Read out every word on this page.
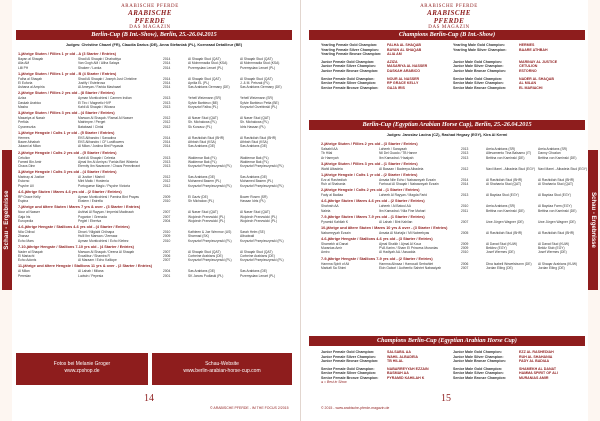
Schau - Ergebnisse
ARABISCHE PFERDE
ARABISCHE PFERDE
DAS MAGAZIN
Berlin-Cup (B Int.-Show), Berlin, 25.-26.04.2015
Judges: Christine Chazel (FR), Claudia Darius (DE), Anna Stefaniak (PL), Koenraad Detailleur (BE)
1-jährige Stuten / Fillies 1 yr old - A (3 Starter / Entries)
Bayan al Shaqab	Shadi Al Shaqab / Dhahabiya	2014	Al Shaqab Stud (QAT)	Al Shaqab Stud (QAT)
Alia AM	Van Gogh AM / Aliha Salaya	2014	Al Mohmmadia Stud (KSA)	Al Mohmmadia Stud (KSA)
Lilli PH	Shakerr / Lanka	2014	Przemyslaw Lenart (PL)	Przemyslaw Lenart (PL)
1-jährige Stuten / Fillies 1 yr old - B (4 Starter / Entries)
Falha al Shaqab	Shadi Al Shaqab / Joseph Just Christine	2014	Al Shaqab Stud (QAT)	Al Shaqab Stud (QAT)
El Euforia	Justify / Estebrosa	2014	Aprilia EL (PL)	J. & M. Petrzak (PL)
Ashana al Ampiria	Al Ameyan / Farida Mashaael	2014	Sas Arabians Germany (DE)	Sas Arabians Germany (DE)
2-jährige Stuten / Fillies 2 yrs old - (8 Starter / Entries)
Aziza	Ayman Monticchiesi / Carmen Indian	2013	Yehell Weizmann (SR)	Yehell Weizmann (SR)
Daskah Arabico	El Tiro / Magnetic HVP	2013	Sylvie Barbieux (BE)	Sylvie Barbieux Petta (BE)
Masha	Kahil Al Shaqab / Wiosna	2013	Krzysztof Falba (PL)	Krzysztof Grzebinski (PL)
3-jährige Stuten / Fillies 3 yrs old - (4 Starter / Entries)
Masariya al Nassir	Marwan Al Shaqab / Ramal Al Nasser	2012	Al Naser Stud (QAT)	Al Naser Stud (QAT)
Perfida	Matrimpre / Perget	2012	Sh. Michalowa (PL)	Sh. Michalowa (PL)
Cyraneczka	Batabaad / Cintal	2012	Sk Kurzacz (PL)	Idris Hassan (PL)
1-jährige Hengste / Colts 1 yr old - (5 Starter / Entries)
Hermes	EKS Alihandro / Sanadina	2014	Al Rashidiah Stud (BHR)	Al Rashidiah Stud (BHR)
Baare Athabah	EKS Alihandro / CF Lustflowers	2014	Athbah Stud (KSA)	Athbah Stud (KSA)
Julaani al Milan	Al Milan / Justina Bint Poyasda	2014	Sas Arabians (DE)	Sas Arabians (DE)
2-jährige Hengste / Colts 2 yrs old - (5 Starter / Entries)
Cetulion	Kahil Al Shaqab / Celesta	2013	Waldemar Bak (PL)	Waldemar Bak (PL)
Famed Bin Amir	Ajmal Ibn Al Amirya / Farida Bint Wisteria	2013	Waldemar Bak (PL)	Waldemar Bak (PL)
Chaos Dinn	Eternity Ibn Navarone / Chaos Perevibrant	2013	Krzysztof Przepieczynski (PL)	Krzysztof Przepieczynski (PL)
3-jährige Hengste / Colts 3 yrs old - (4 Starter / Entries)
Marinay al Justice	Al Justice / Marinil	2012	Sas Arabians (DE)	Sas Arabians (DE)
Estorno	Mint Matic / Hostenia	2012	Mohamed Basem (PL)	Mohamed Basem (PL)
Psyche Ull	Portuguese Magic / Psyche Victoria	2012	Krzysztof Przepieczynski (PL)	Krzysztof Przepieczynski (PL)
4-6-jährige Stuten / Mares 4-6 yrs old - (2 Starter / Entries)
RP Grace Kelly	Ayman Monticchiesi / Pamina Bint Prayas	2009	El Gaziv (DE)	Bower Rosen (SR)
Espina	Ekstem / Estrella	2010	Sh Michalow (PL)	Hassan Idris (PL)
7-jährige und ältere Stuten / Mares 7 yrs & over - (3 Starter / Entries)
Nour al Nasser	Ashhal Al Rayyan / Imperial Madinaah	2007	Al Naser Stud (QAT)	Al Naser Stud (QAT)
Gaja Iris	Pogarion / Grenada	2007	Wojciech Przezwicki (PL)	Wojciech Przezwicki (PL)
Europedia	Pegiel / Eberiva	2004	Wojciech Przezwicki (PL)	Wojciech Przezwicki (PL)
4-6-jährige Hengste / Stallions 4-6 yrs old - (4 Starter / Entries)
Nila Chilval	Dinari / Nilgiabi Chilnapa	2010	Kathleen & Joe Wenmor (US)	Sarah Helm (SE)
Zhanaz	Hulli Ibn Marwan / Zeeraaz	2009	Sharmad (SK)	Albudwali
Echo Mars	Ayman Monticchiesi / Echo Klebez	2010	Krzysztof Przepieczynski (PL)	Krzysztof Przepieczynski (PL)
7-10-jährige Hengste / Stallions 7-10 yrs old - (4 Starter / Entries)
Nader al Shaqab	Marwan Al Shaqab / Deena Al Shaqab	2007	Al Shaqab Stud (QAT)	Al Shaqab Stud (QAT)
El Mariachi	Excalibur / Shamira R	2006	Corbeine Arabians (DE)	Corbeine Arabians (DE)
Echo Adonis	Al Maraam / Echo Kalliope	2007	Krzysztof Przepieczynski (PL)	Krzysztof Przepieczynski (PL)
11-jährige und ältere Hengste / Stallions 11 yrs & over - (2 Starter / Entries)
Al Milan	Al Lahab / Milana	2004	Sas Arabians (DE)	Sas Arabians (DE)
Pereslav	Ludwin / Pepesia	2001	SK Janow Podlaski (PL)	Przemyslaw Lenart (PL)
Fotos bei Melanie Groger
www.zpshop.de
Schau-Website
www.berlin-arabian-horse-cup.com
14
© ARABISCHE PFERDE - IM THE FOCUS 2/2015
Schau - Ergebnisse
ARABISCHE PFERDE
ARABISCHE PFERDE
DAS MAGAZIN
Champions Berlin-Cup (B Int.-Show)
Yearling Female Gold Champion:	FALHA AL SHAQAB	Yearling Male Gold Champion:	HERMES
Yearling Female Silver Champion:	BAYAN AL SHAQAB	Yearling Male Silver Champion:	BAARE ATHBAH
Yearling Female Bronze Champion:	ALIA AM
Junior Female Gold Champion:	AZIZA	Junior Male Gold Champion:	MARINAY AL JUSTICE
Junior Female Silver Champion:	MASARIYA AL NASSER	Junior Male Silver Champion:	CETULION
Junior Female Bronze Champion:	DASKAH ARABICO	Junior Male Bronze Champion:	ESTORNO
Senior Female Gold Champion:	NOUR AL NASSER	Senior Male Gold Champion:	NADER AL SHAQAB
Senior Female Silver Champion:	RP GRACE KELLY	Senior Male Silver Champion:	AL MILAN
Senior Female Bronze Champion:	GAJA IRIS	Senior Male Bronze Champion:	EL MARIACHI
Berlin-Cup (Egyptian Arabian Horse Cup), Berlin, 25.-26.04.2015
Judges: Jaroslav Lacina (CZ), Rashad Hegazy (EGY), Kira Al Kermi
2-jährige Stuten / Fillies 2 yrs old - (3 Starter / Entries)
Salsabil AA	Laheeb / Sarayaah	2013	Areia Arabians (SR)	Areia Arabians (SR)
Tb Hilal	Nil Del Guado / TB Hanne	2013	Allevamento Tina Balsamo (IT)	Danny Ghozlan
Ar Hamryah	Ibn Kamadrai / Haalyah	2013	Bettina von Kaminski (DE)	Bettina von Kaminski (DE)
3-jährige Stuten / Fillies 3 yrs old - (1 Starter / Entries)
Wahil Albadeia	Al Basaan / Badeeya Albadeia	2012	Navi Marei - Albadeia Stud (EGY) Navi Marei - Albadeia Stud (EGY)
1-jährige Hengste / Colts 1 yr old - (2 Starter / Entries)
Ezz al Rashediah	Ansata Nile Echo / Nabawwyah Ezzain	2014	Al Rashidiah Stud (BHR)	Al Rashidiah Stud (BHR)
Ruh al Shahania	Farhoud Al Shaqab / Nabawwyah Ezzain	2014	Al Shahania Stud (QAT)	Al Shahania Stud (QAT)
2-jährige Hengste / Colts 2 yrs old - (1 Starter / Entries)
Fady al Badiaa	Laheeb Al Rayyan / Magda Farid	2013	Al Baydaa Stud (EGY)	Al Baydaa Stud (EGY)
4-6-jährige Stuten / Mares 4-6 yrs old - (2 Starter / Entries)
Shahrah AA	Laheeb / Al Batoul AA	2010	Areia Arabians (SR)	Al Baydaa Farm (EGY)
Naleia	Ibn Kamadrai / Nila Fine Mahari	2011	Bettina von Kaminski (DE)	Bettina von Kaminski (DE)
7-9-jährige Stuten / Mares 7-9 yrs old - (1 Starter / Entries)
Pyramid Kahilah K	Al Lahab / Bint Kahilan	2007	Uwe Jürgen Wagner (DE)	Uwe Jürgen Wagner (DE)
10-jährige und ältere Stuten / Mares 10 yrs & over - (3 Starter / Entries)
Nabarreyyah Ezzain	Ansata Al Murtajiz / Mi Nabeebyas	2005	Al Rashidiah Stud (BHR)	Al Rashidiah Stud (BHR)
4-6-jährige Hengste / Stallions 4-6 yrs old - (3 Starter / Entries)
Shamekh al Danat	Ajmal Shaikh / Ajmal Al Kouz	2009	Al Danat Stud (KUW)	Al Danat Stud (KUW)
Muranias Amir	PVA Karim / Sham El Princess Muranias	2009	Bekiiez (EGY)	Bekiiz Stub (EGY)
Amiro	Al Hadiyah AA / Assadda	2010	Josef Wermes (DE)	Josef Wermes (DE)
7-9-jährige Hengste / Stallions 7-9 yrs old - (2 Starter / Entries)
Hamma Spirit of Ali	Hamma Alinaaz / Hamoudi Serbahlet	2006	Dina Isabell Wewelsbunm (DE)	Al Shaqar Arabians (KUW)
Markafi Sa Shimi	Ekin Gabori / Authentic Sahriet Nabawiyah	2007	Jordan Elling (DE)	Jordan Elling (DE)
Champions Berlin-Cup (Egyptian Arabian Horse Cup)
Junior Female Gold Champion:	SALSABIL AA	Junior Male Gold Champion:	EZZ AL RASHEDIAH
Junior Female Silver Champion:	WAHIL ALBADEIA	Junior Male Silver Champion:	RUH AL SHAHANIA
Junior Female Bronze Champion:	TB HILAL	Junior Male Bronze Champion:	FADY AL BADIAA
Senior Female Gold Champion:	NABARREYYAH EZZAIN	Senior Male Gold Champion:	SHAMEKH AL DANAT
Senior Female Silver Champion:	BASMAH AA	Senior Male Silver Champion:	HAMMA SPIRIT OF ALI
Senior Female Bronze Champion:	PYRAMID KAHILAH K	Senior Male Bronze Champion:	MURANIAS AMIR
● = Best in Show
15
© 2015 - www.arabische-pferde-magazin.de
